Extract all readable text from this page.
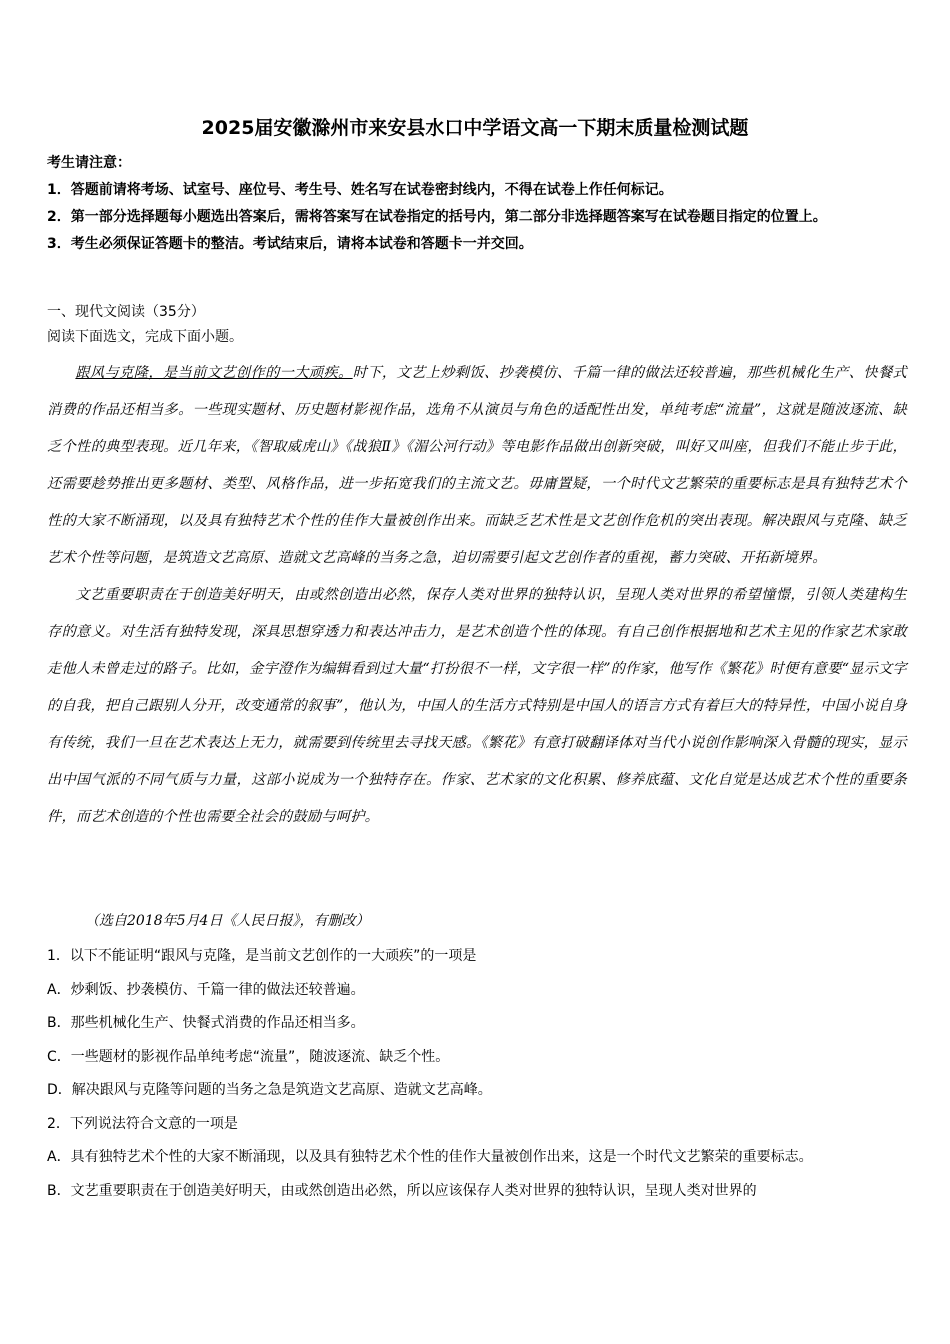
2025届安徽滁州市来安县水口中学语文高一下期末质量检测试题
考生请注意：
1．答题前请将考场、试室号、座位号、考生号、姓名写在试卷密封线内，不得在试卷上作任何标记。
2．第一部分选择题每小题选出答案后，需将答案写在试卷指定的括号内，第二部分非选择题答案写在试卷题目指定的位置上。
3．考生必须保证答题卡的整洁。考试结束后，请将本试卷和答题卡一并交回。
一、现代文阅读（35分）
阅读下面选文，完成下面小题。

跟风与克隆，是当前文艺创作的一大顽疾。时下，文艺上炒剩饭、抄袭模仿、千篇一律的做法还较普遍，那些机械化生产、快餐式消费的作品还相当多。一些现实题材、历史题材影视作品，选角不从演员与角色的适配性出发，单纯考虑“流量”，这就是随波逐流、缺乏个性的典型表现。近几年来，《智取威虎山》《战狼Ⅱ》《湄公河行动》等电影作品做出创新突破，叫好又叫座，但我们不能止步于此，还需要趁势推出更多题材、类型、风格作品，进一步拓宽我们的主流文艺。毋庸置疑，一个时代文艺繁荣的重要标志是具有独特艺术个性的大家不断涌现，以及具有独特艺术个性的佳作大量被创作出来。而缺乏艺术性是文艺创作危机的突出表现。解决跟风与克隆、缺乏艺术个性等问题，是筑造文艺高原、造就文艺高峰的当务之急，迫切需要引起文艺创作者的重视，蓄力突破、开拓新境界。

文艺重要职责在于创造美好明天，由或然创造出必然，保存人类对世界的独特认识，呈现人类对世界的希望憧憬，引领人类建构生存的意义。对生活有独特发现，深具思想穿透力和表达冲击力，是艺术创造个性的体现。有自己创作根据地和艺术主见的作家艺术家敢走他人未曾走过的路子。比如，金宇澄作为编辑看到过大量“打扮很不一样，文字很一样”的作家，他写作《繁花》时便有意要“显示文字的自我，把自己跟别人分开，改变通常的叙事”，他认为，中国人的生活方式特别是中国人的语言方式有着巨大的特异性，中国小说自身有传统，我们一旦在艺术表达上无力，就需要到传统里去寻找天感。《繁花》有意打破翻译体对当代小说创作影响深入骨髓的现实，显示出中国气派的不同气质与力量，这部小说成为一个独特存在。作家、艺术家的文化积累、修养底蕴、文化自觉是达成艺术个性的重要条件，而艺术创造的个性也需要全社会的鼓励与呵护。

（选自2018年5月4日《人民日报》，有删改）
1．以下不能证明“跟风与克隆，是当前文艺创作的一大顽疾”的一项是
A．炒剩饭、抄袭模仿、千篇一律的做法还较普遍。
B．那些机械化生产、快餐式消费的作品还相当多。
C．一些题材的影视作品单纯考虑“流量”，随波逐流、缺乏个性。
D．解决跟风与克隆等问题的当务之急是筑造文艺高原、造就文艺高峰。
2．下列说法符合文意的一项是
A．具有独特艺术个性的大家不断涌现，以及具有独特艺术个性的佳作大量被创作出来，这是一个时代文艺繁荣的重要标志。
B．文艺重要职责在于创造美好明天，由或然创造出必然，所以应该保存人类对世界的独特认识，呈现人类对世界的
